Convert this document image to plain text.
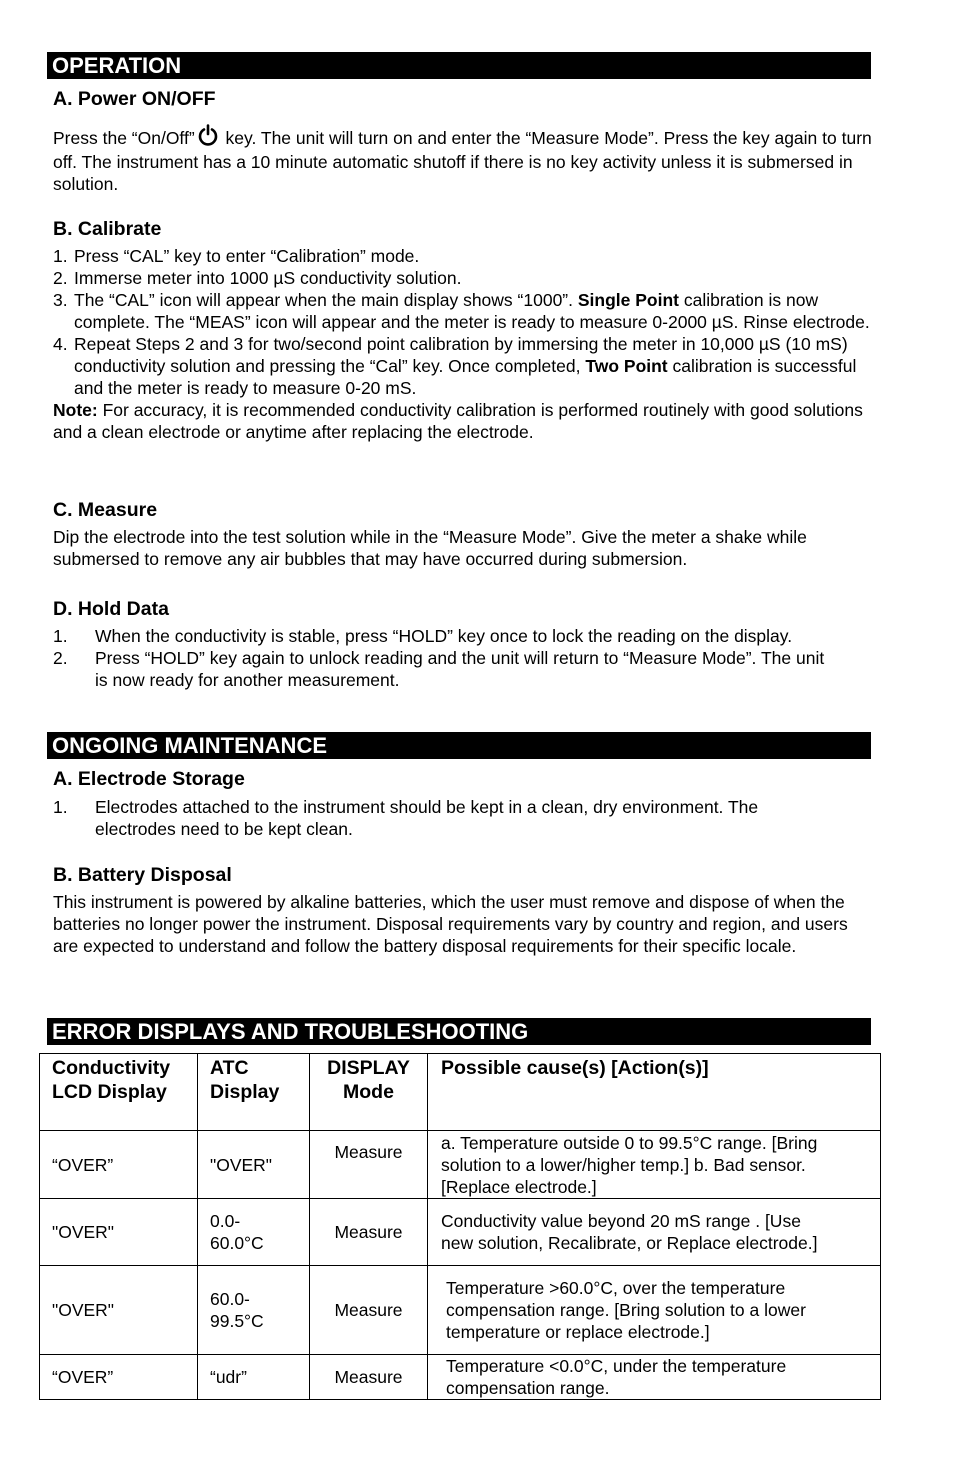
OPERATION
A. Power ON/OFF
Press the “On/Off” key. The unit will turn on and enter the “Measure Mode”. Press the key again to turn off. The instrument has a 10 minute automatic shutoff if there is no key activity unless it is submersed in solution.
B. Calibrate
1. Press “CAL” key to enter “Calibration” mode.
2. Immerse meter into 1000 µS conductivity solution.
3. The “CAL” icon will appear when the main display shows “1000”. Single Point calibration is now complete. The “MEAS” icon will appear and the meter is ready to measure 0-2000 µS. Rinse electrode.
4. Repeat Steps 2 and 3 for two/second point calibration by immersing the meter in 10,000 µS (10 mS) conductivity solution and pressing the “Cal” key. Once completed, Two Point calibration is successful and the meter is ready to measure 0-20 mS.
Note: For accuracy, it is recommended conductivity calibration is performed routinely with good solutions and a clean electrode or anytime after replacing the electrode.
C. Measure
Dip the electrode into the test solution while in the “Measure Mode”. Give the meter a shake while submersed to remove any air bubbles that may have occurred during submersion.
D. Hold Data
1.	When the conductivity is stable, press “HOLD” key once to lock the reading on the display.
2.	Press “HOLD” key again to unlock reading and the unit will return to “Measure Mode”. The unit is now ready for another measurement.
ONGOING MAINTENANCE
A. Electrode Storage
1.	Electrodes attached to the instrument should be kept in a clean, dry environment. The electrodes need to be kept clean.
B. Battery Disposal
This instrument is powered by alkaline batteries, which the user must remove and dispose of when the batteries no longer power the instrument. Disposal requirements vary by country and region, and users are expected to understand and follow the battery disposal requirements for their specific locale.
ERROR DISPLAYS AND TROUBLESHOOTING
Conductivity LCD Display	ATC Display	DISPLAY Mode	Possible cause(s) [Action(s)]
“OVER”	"OVER"	Measure	a. Temperature outside 0 to 99.5°C range. [Bring solution to a lower/higher temp.] b. Bad sensor. [Replace electrode.]
"OVER"	0.0-60.0°C	Measure	Conductivity value beyond 20 mS range . [Use new solution, Recalibrate, or Replace electrode.]
"OVER"	60.0-99.5°C	Measure	Temperature >60.0°C, over the temperature compensation range. [Bring solution to a lower temperature or replace electrode.]
“OVER”	“udr”	Measure	Temperature <0.0°C, under the temperature compensation range.
